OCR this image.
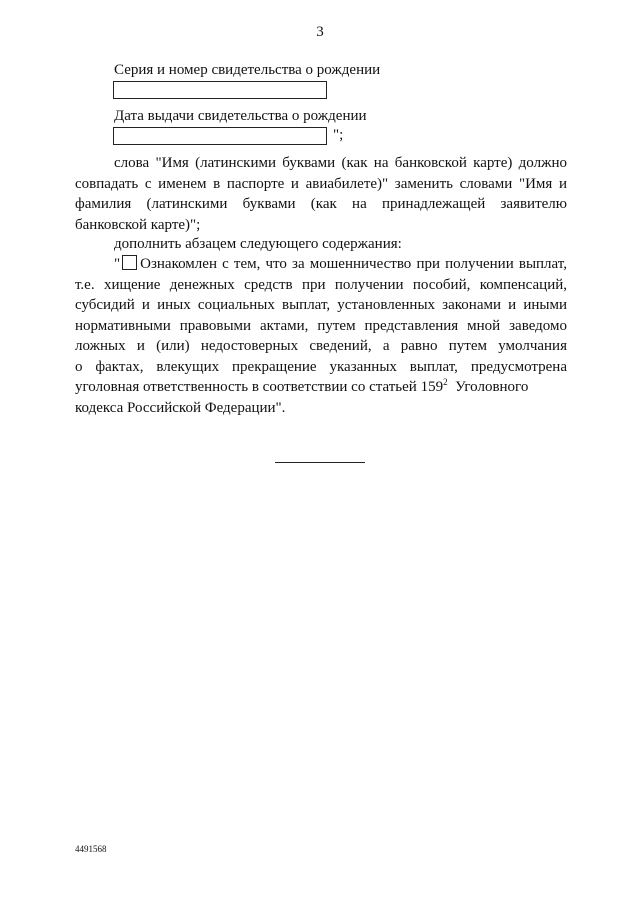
3
Серия и номер свидетельства о рождении
Дата выдачи свидетельства о рождении
";
слова "Имя (латинскими буквами (как на банковской карте) должно
совпадать с именем в паспорте и авиабилете)" заменить словами "Имя и
фамилия (латинскими буквами (как на принадлежащей заявителю
банковской карте)";
дополнить абзацем следующего содержания:
" Ознакомлен с тем, что за мошенничество при получении выплат,
т.е. хищение денежных средств при получении пособий, компенсаций,
субсидий и иных социальных выплат, установленных законами и иными
нормативными правовыми актами, путем представления мной заведомо
ложных и (или) недостоверных сведений, а равно путем умолчания
о фактах, влекущих прекращение указанных выплат, предусмотрена
уголовная ответственность в соответствии со статьей $159^2$ Уголовного
кодекса Российской Федерации".
4491568
